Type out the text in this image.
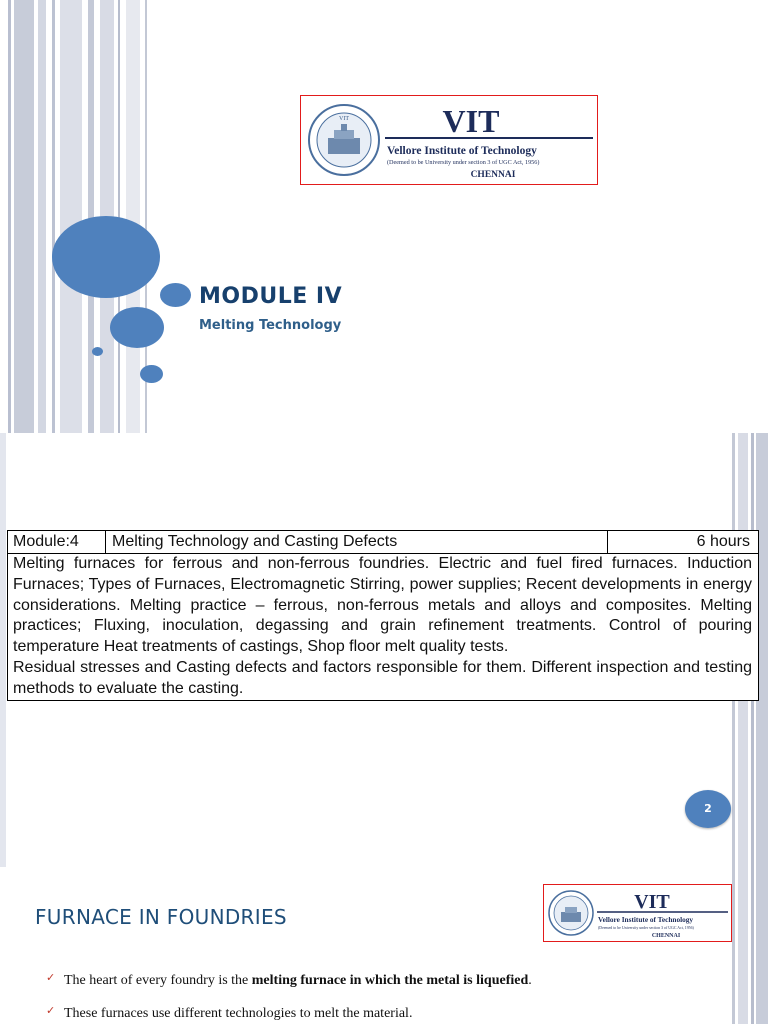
VIT	VIT
Vellore Institute of Technology
(Deemed to be University under section 3 of UGC Act, 1956)
CHENNAI
MODULE IV
Melting Technology
Module:4	Melting Technology and Casting Defects	6 hours

Melting furnaces for ferrous and non-ferrous foundries. Electric and fuel fired furnaces. Induction Furnaces; Types of Furnaces, Electromagnetic Stirring, power supplies; Recent developments in energy considerations. Melting practice – ferrous, non-ferrous metals and alloys and composites. Melting practices; Fluxing, inoculation, degassing and grain refinement treatments. Control of pouring temperature Heat treatments of castings, Shop floor melt quality tests.

Residual stresses and Casting defects and factors responsible for them. Different inspection and testing methods to evaluate the casting.

2
FURNACE IN FOUNDRIES
VIT
Vellore Institute of Technology
(Deemed to be University under section 3 of UGC Act, 1956)
CHENNAI
✓ The heart of every foundry is the melting furnace in which the metal is liquefied.
✓ These furnaces use different technologies to melt the material.
